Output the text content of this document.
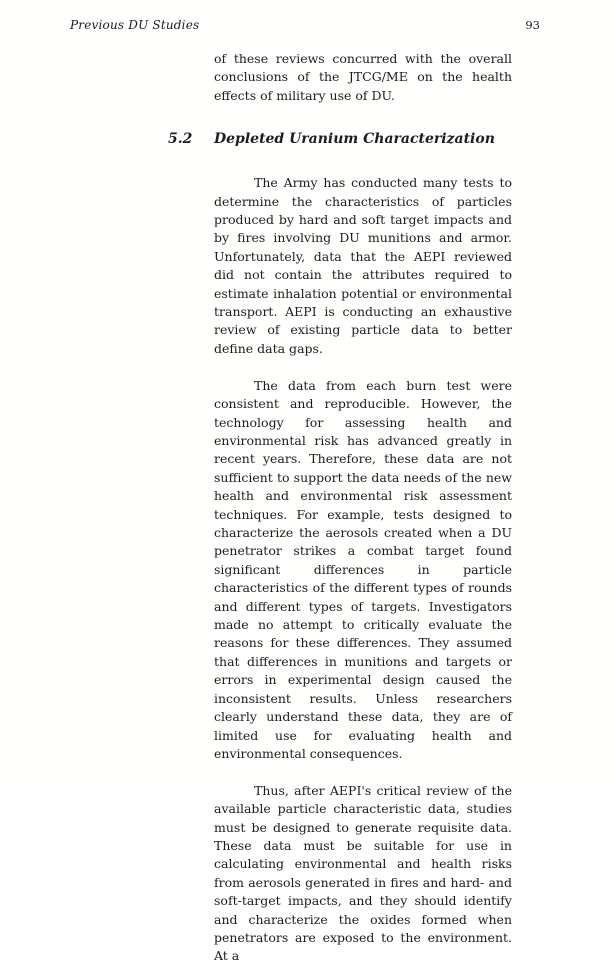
Previous DU Studies	93

of these reviews concurred with the overall conclusions of the JTCG/ME on the health effects of military use of DU.

5.2 Depleted Uranium Characterization

The Army has conducted many tests to determine the characteristics of particles produced by hard and soft target impacts and by fires involving DU munitions and armor. Unfortunately, data that the AEPI reviewed did not contain the attributes required to estimate inhalation potential or environmental transport. AEPI is conducting an exhaustive review of existing particle data to better define data gaps.

The data from each burn test were consistent and reproducible. However, the technology for assessing health and environmental risk has advanced greatly in recent years. Therefore, these data are not sufficient to support the data needs of the new health and environmental risk assessment techniques. For example, tests designed to characterize the aerosols created when a DU penetrator strikes a combat target found significant differences in particle characteristics of the different types of rounds and different types of targets. Investigators made no attempt to critically evaluate the reasons for these differences. They assumed that differences in munitions and targets or errors in experimental design caused the inconsistent results. Unless researchers clearly understand these data, they are of limited use for evaluating health and environmental consequences.

Thus, after AEPI's critical review of the available particle characteristic data, studies must be designed to generate requisite data. These data must be suitable for use in calculating environmental and health risks from aerosols generated in fires and hard- and soft-target impacts, and they should identify and characterize the oxides formed when penetrators are exposed to the environment. At a
